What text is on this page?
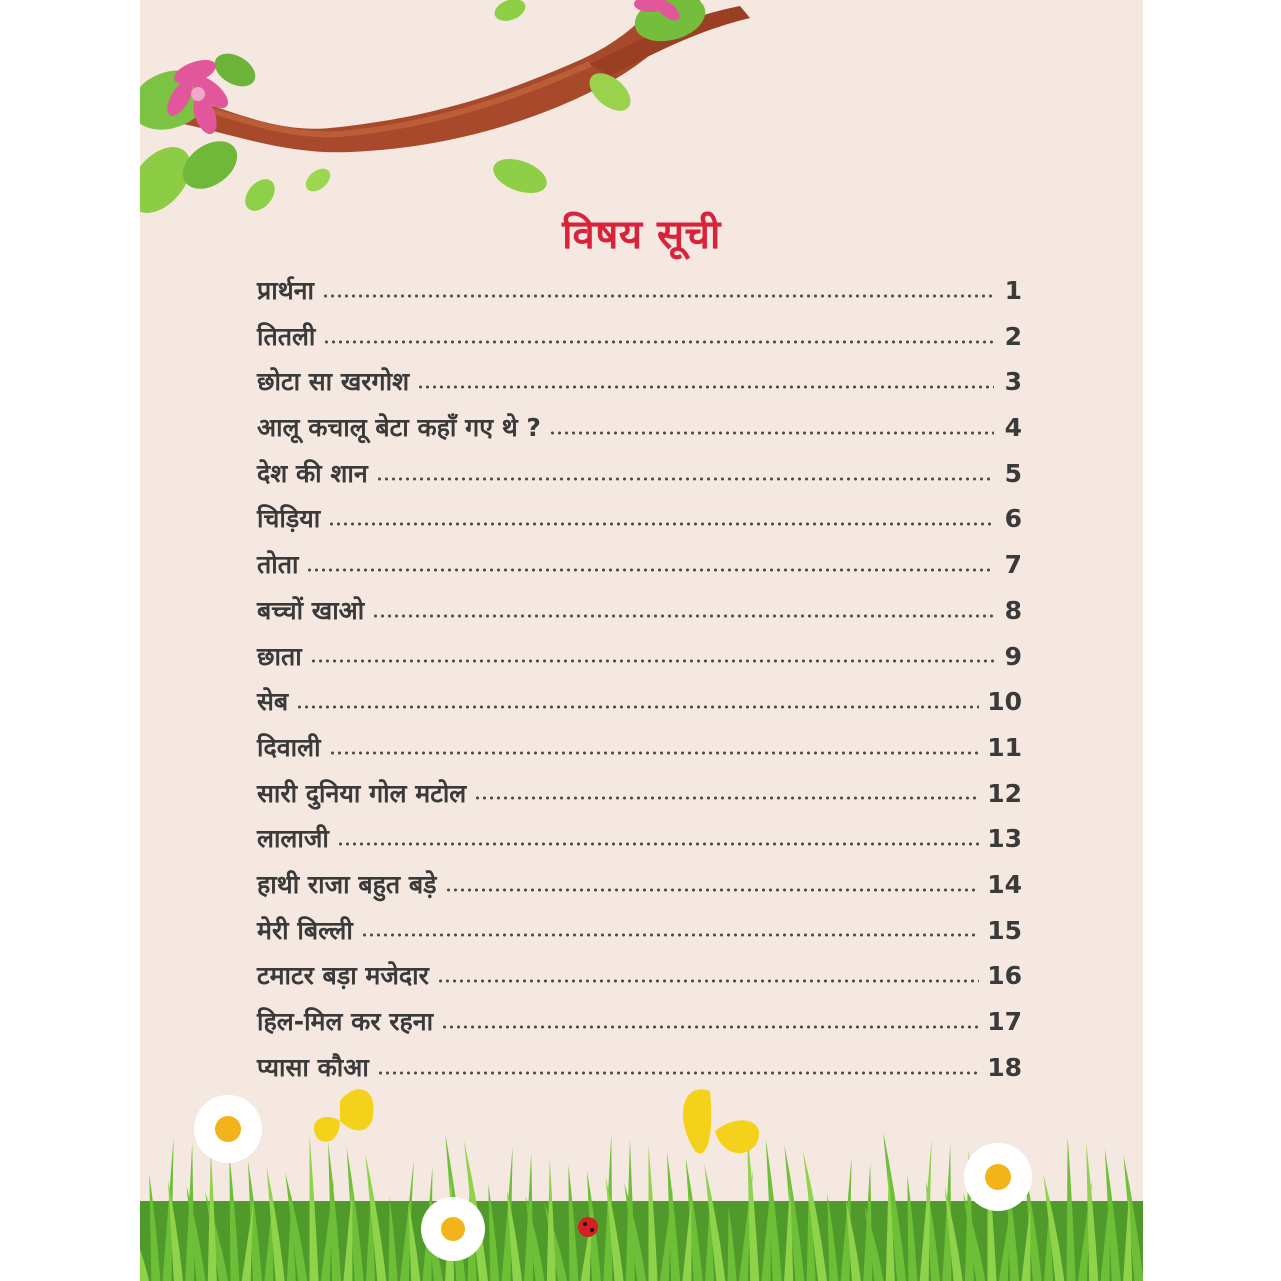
विषय सूची
प्रार्थना	1
तितली	2
छोटा सा खरगोश	3
आलू कचालू बेटा कहाँ गए थे ?	4
देश की शान	5
चिड़िया	6
तोता	7
बच्चों खाओ	8
छाता	9
सेब	10
दिवाली	11
सारी दुनिया गोल मटोल	12
लालाजी	13
हाथी राजा बहुत बड़े	14
मेरी बिल्ली	15
टमाटर बड़ा मजेदार	16
हिल-मिल कर रहना	17
प्यासा कौआ	18
